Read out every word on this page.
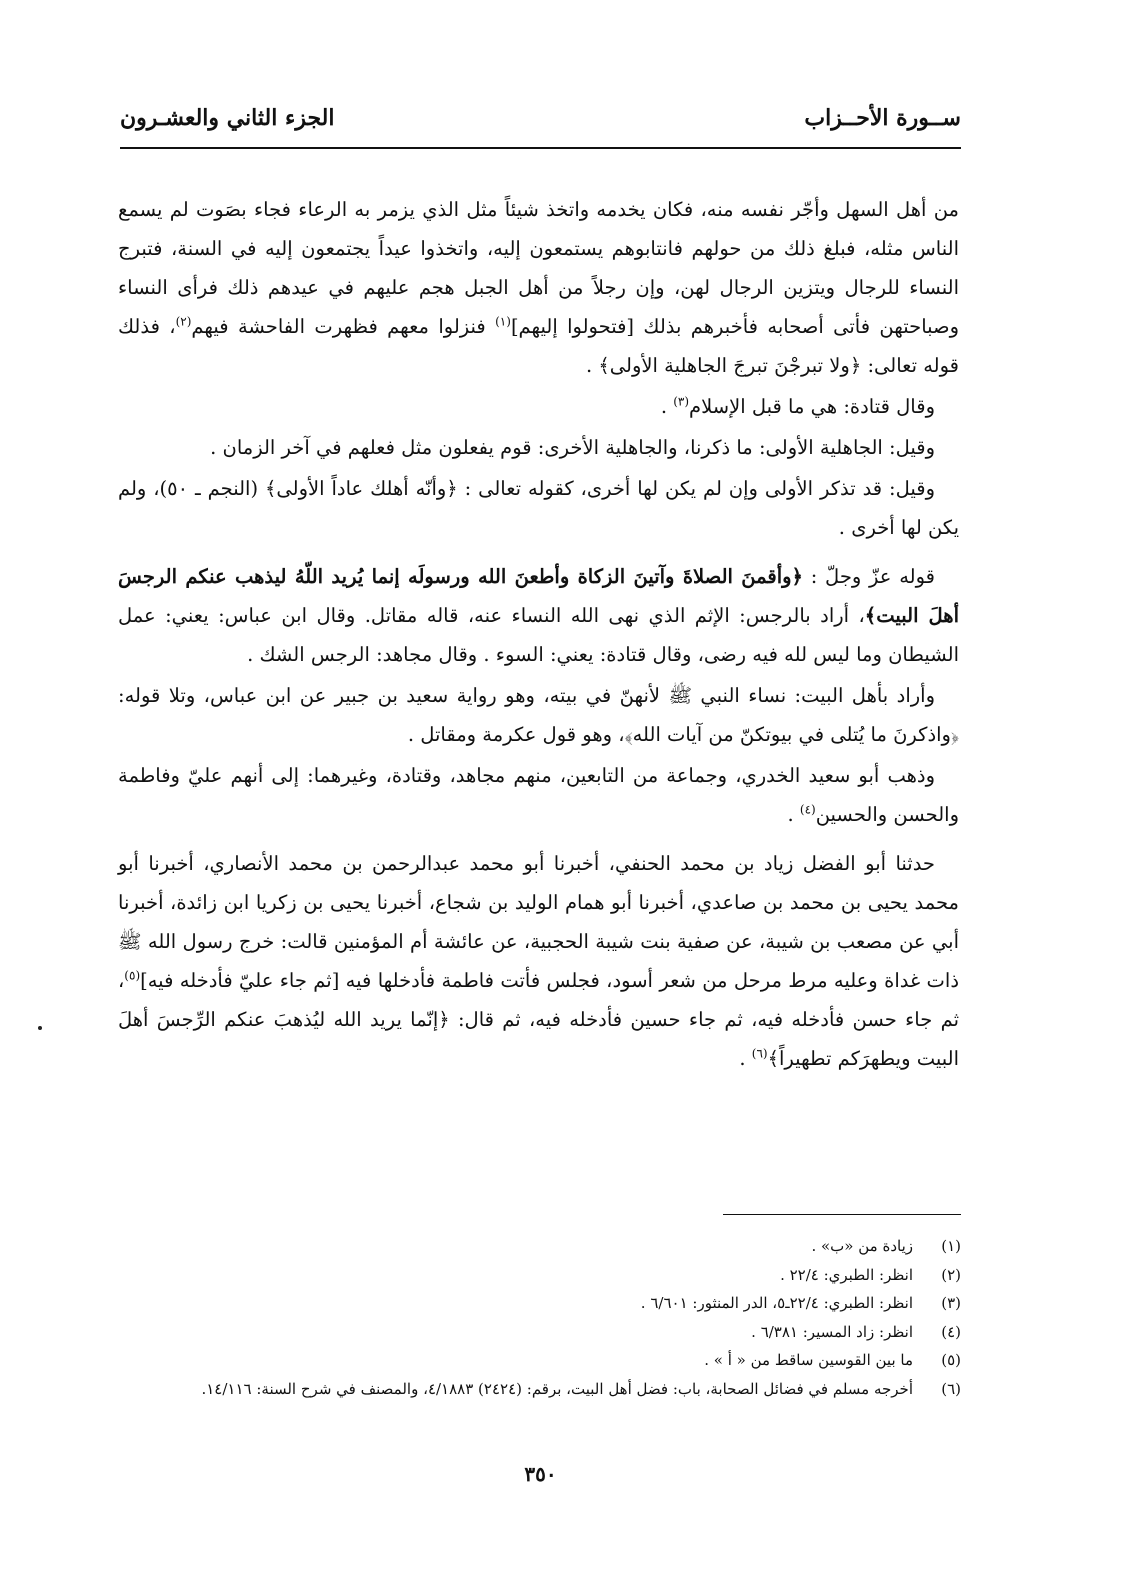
ســورة الأحــزاب
الجزء الثاني والعشـرون

من أهل السهل وأجّر نفسه منه، فكان يخدمه واتخذ شيئاً مثل الذي يزمر به الرعاء فجاء بصَوت لم يسمع الناس مثله، فبلغ ذلك من حولهم فانتابوهم يستمعون إليه، واتخذوا عيداً يجتمعون إليه في السنة، فتبرج النساء للرجال ويتزين الرجال لهن، وإن رجلاً من أهل الجبل هجم عليهم في عيدهم ذلك فرأى النساء وصباحتهن فأتى أصحابه فأخبرهم بذلك [فتحولوا إليهم]$^{(١)}$ فنزلوا معهم فظهرت الفاحشة فيهم$^{(٢)}$، فذلك قوله تعالى: ﴿ولا تبرجْنَ تبرجَ الجاهلية الأولى﴾ .

وقال قتادة: هي ما قبل الإسلام$^{(٣)}$ .

وقيل: الجاهلية الأولى: ما ذكرنا، والجاهلية الأخرى: قوم يفعلون مثل فعلهم في آخر الزمان .

وقيل: قد تذكر الأولى وإن لم يكن لها أخرى، كقوله تعالى : ﴿وأنّه أهلك عاداً الأولى﴾ (النجم ـ ٥٠)، ولم يكن لها أخرى .

قوله عزّ وجلّ : ﴿وأقمنَ الصلاةَ وآتينَ الزكاة وأطعنَ الله ورسولَه إنما يُريد اللّهُ ليذهب عنكم الرجسَ أهلَ البيت﴾، أراد بالرجس: الإثم الذي نهى الله النساء عنه، قاله مقاتل. وقال ابن عباس: يعني: عمل الشيطان وما ليس لله فيه رضى، وقال قتادة: يعني: السوء . وقال مجاهد: الرجس الشك .

وأراد بأهل البيت: نساء النبي ﷺ لأنهنّ في بيته، وهو رواية سعيد بن جبير عن ابن عباس، وتلا قوله: ﴿واذكرنَ ما يُتلى في بيوتكنّ من آيات الله﴾، وهو قول عكرمة ومقاتل .

وذهب أبو سعيد الخدري، وجماعة من التابعين، منهم مجاهد، وقتادة، وغيرهما: إلى أنهم عليّ وفاطمة والحسن والحسين$^{(٤)}$ .

حدثنا أبو الفضل زياد بن محمد الحنفي، أخبرنا أبو محمد عبدالرحمن بن محمد الأنصاري، أخبرنا أبو محمد يحيى بن محمد بن صاعدي، أخبرنا أبو همام الوليد بن شجاع، أخبرنا يحيى بن زكريا ابن زائدة، أخبرنا أبي عن مصعب بن شيبة، عن صفية بنت شيبة الحجبية، عن عائشة أم المؤمنين قالت: خرج رسول الله ﷺ ذات غداة وعليه مرط مرحل من شعر أسود، فجلس فأتت فاطمة فأدخلها فيه [ثم جاء عليّ فأدخله فيه]$^{(٥)}$، ثم جاء حسن فأدخله فيه، ثم جاء حسين فأدخله فيه، ثم قال: ﴿إنّما يريد الله ليُذهبَ عنكم الرِّجسَ أهلَ البيت ويطهرَكم تطهيراً﴾$^{(٦)}$ .

(١)
زيادة من «ب» .
(٢)
انظر: الطبري: ٢٢/٤ .
(٣)
انظر: الطبري: ٢٢/٤ـ٥، الدر المنثور: ٦/٦٠١ .
(٤)
انظر: زاد المسير: ٦/٣٨١ .
(٥)
ما بين القوسين ساقط من « أ » .
(٦)
أخرجه مسلم في فضائل الصحابة، باب: فضل أهل البيت، برقم: (٢٤٢٤) ٤/١٨٨٣، والمصنف في شرح السنة: ١٤/١١٦.
٣٥٠
